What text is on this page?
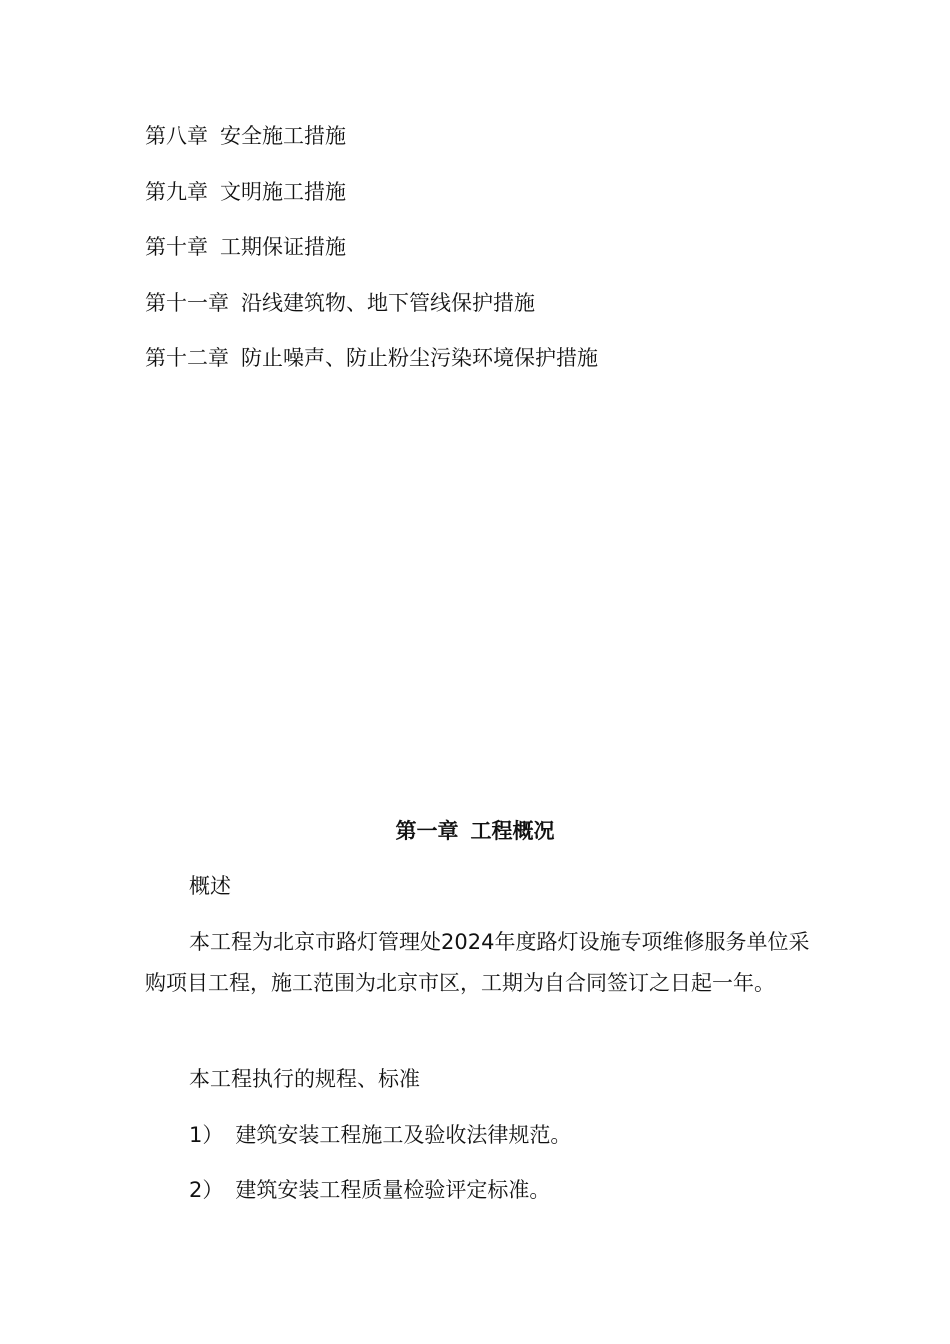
第八章 安全施工措施
第九章 文明施工措施
第十章 工期保证措施
第十一章 沿线建筑物、地下管线保护措施
第十二章 防止噪声、防止粉尘污染环境保护措施
第一章 工程概况
概述
本工程为北京市路灯管理处2024年度路灯设施专项维修服务单位采购项目工程，施工范围为北京市区，工期为自合同签订之日起一年。
本工程执行的规程、标准
1） 建筑安装工程施工及验收法律规范。
2） 建筑安装工程质量检验评定标准。
